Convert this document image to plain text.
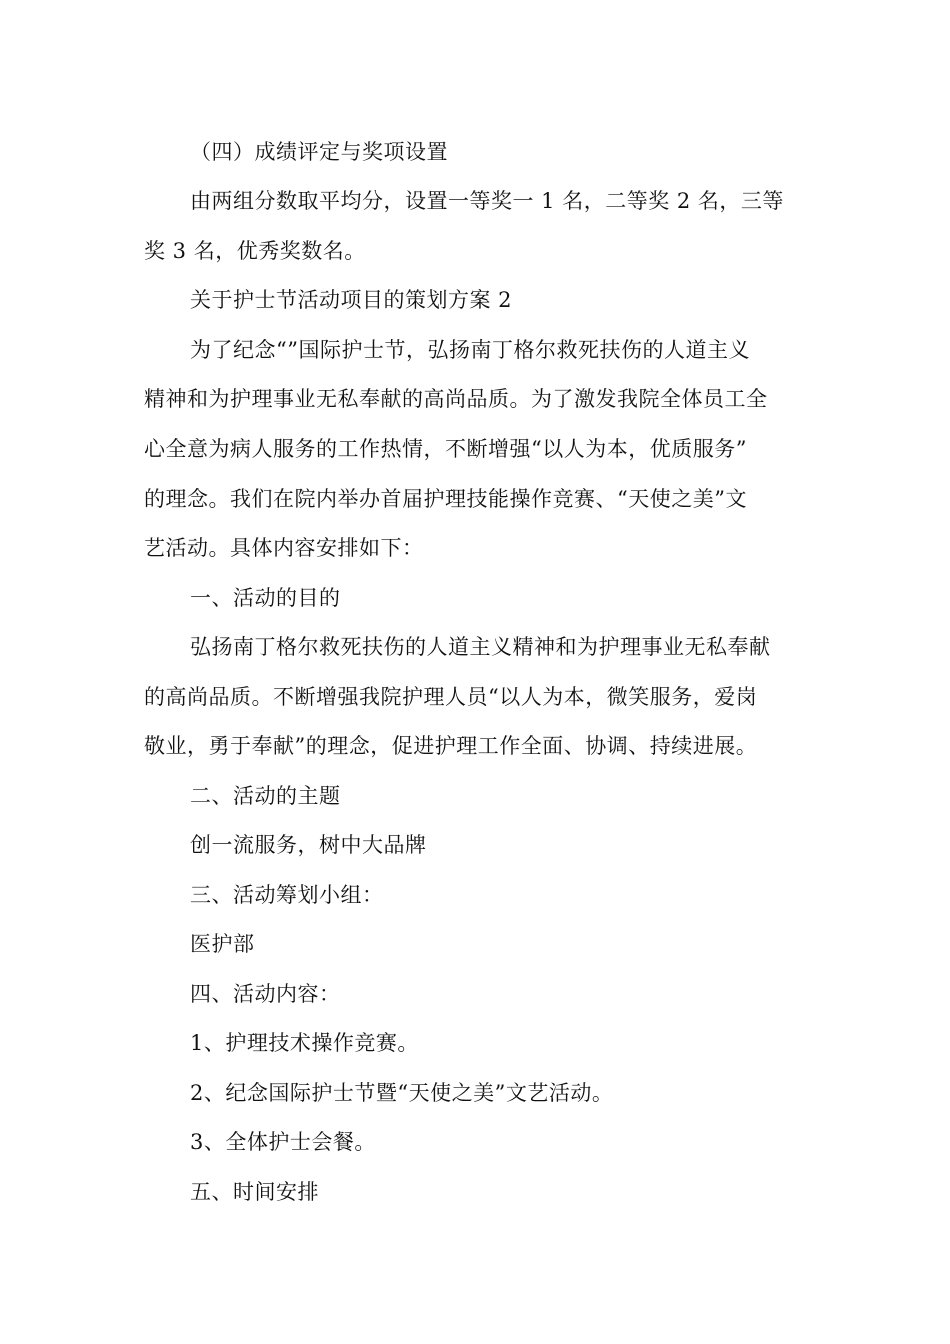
（四）成绩评定与奖项设置
由两组分数取平均分，设置一等奖一 1 名，二等奖 2 名，三等
奖 3 名，优秀奖数名。
关于护士节活动项目的策划方案 2
为了纪念“”国际护士节，弘扬南丁格尔救死扶伤的人道主义
精神和为护理事业无私奉献的高尚品质。为了激发我院全体员工全
心全意为病人服务的工作热情，不断增强“以人为本，优质服务”
的理念。我们在院内举办首届护理技能操作竞赛、“天使之美”文
艺活动。具体内容安排如下：
一、活动的目的
弘扬南丁格尔救死扶伤的人道主义精神和为护理事业无私奉献
的高尚品质。不断增强我院护理人员“以人为本，微笑服务，爱岗
敬业，勇于奉献”的理念，促进护理工作全面、协调、持续进展。
二、活动的主题
创一流服务，树中大品牌
三、活动筹划小组：
医护部
四、活动内容：
1、护理技术操作竞赛。
2、纪念国际护士节暨“天使之美”文艺活动。
3、全体护士会餐。
五、时间安排
